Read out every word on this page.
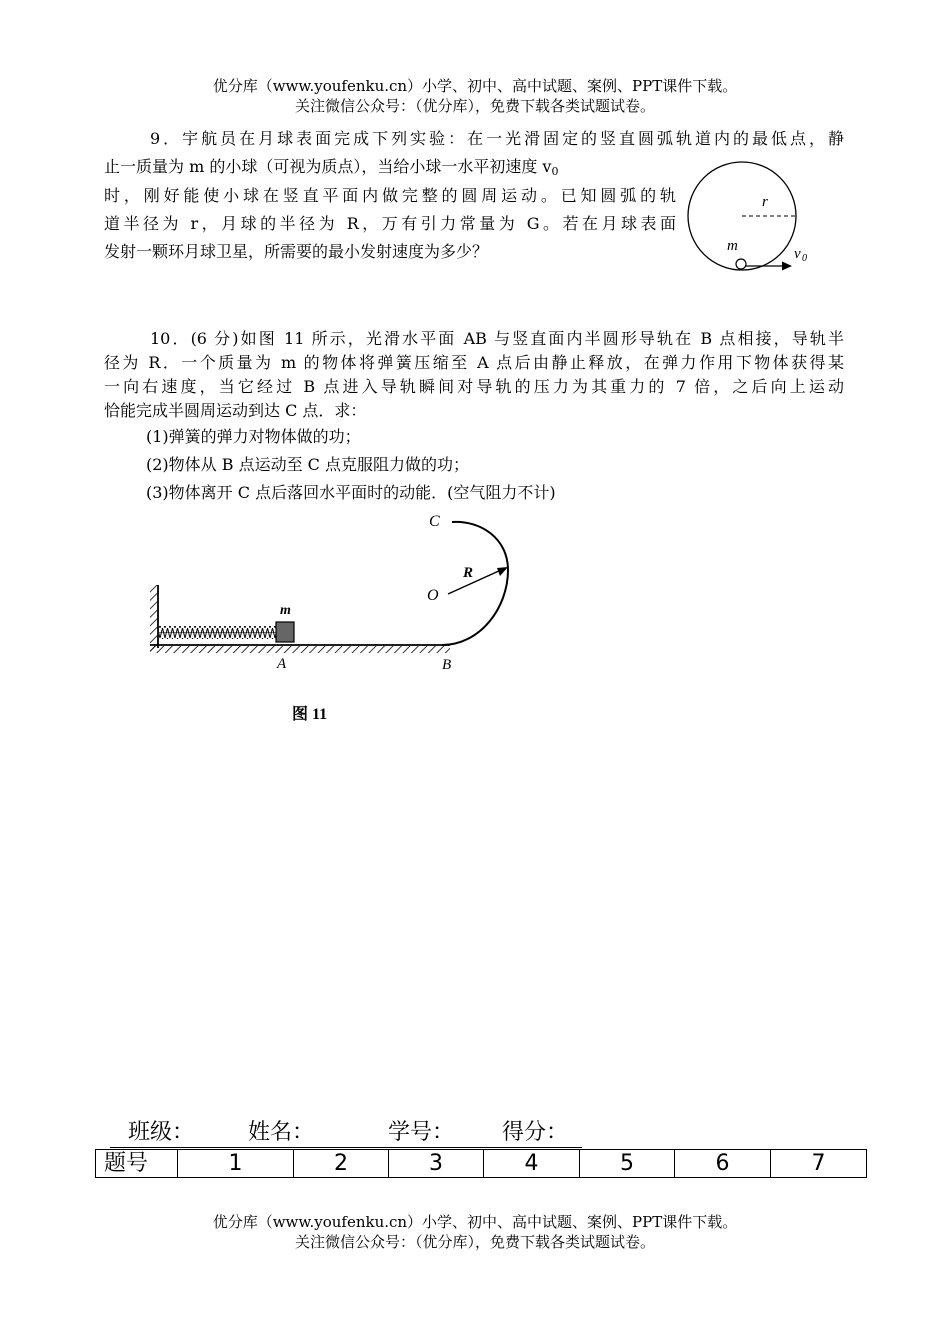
优分库（www.youfenku.cn）小学、初中、高中试题、案例、PPT课件下载。
关注微信公众号：（优分库），免费下载各类试题试卷。
9．宇航员在月球表面完成下列实验：在一光滑固定的竖直圆弧轨道内的最低点，静
止一质量为 m 的小球（可视为质点），当给小球一水平初速度 $v_0$
时，刚好能使小球在竖直平面内做完整的圆周运动。已知圆弧的轨
道半径为 r，月球的半径为 R，万有引力常量为 G。若在月球表面
发射一颗环月球卫星，所需要的最小发射速度为多少？
r
m	v 0
10．(6 分)如图 11 所示，光滑水平面 AB 与竖直面内半圆形导轨在 B 点相接，导轨半
径为 R．一个质量为 m 的物体将弹簧压缩至 A 点后由静止释放，在弹力作用下物体获得某
一向右速度，当它经过 B 点进入导轨瞬间对导轨的压力为其重力的 7 倍，之后向上运动
恰能完成半圆周运动到达 C 点．求：
(1)弹簧的弹力对物体做的功；
(2)物体从 B 点运动至 C 点克服阻力做的功；
(3)物体离开 C 点后落回水平面时的动能．(空气阻力不计)
m
A	B
C
O
R
图 11
班级： 姓名：	学号： 得分：
题号	1	2	3	4	5	6	7
优分库（www.youfenku.cn）小学、初中、高中试题、案例、PPT课件下载。
关注微信公众号：（优分库），免费下载各类试题试卷。
